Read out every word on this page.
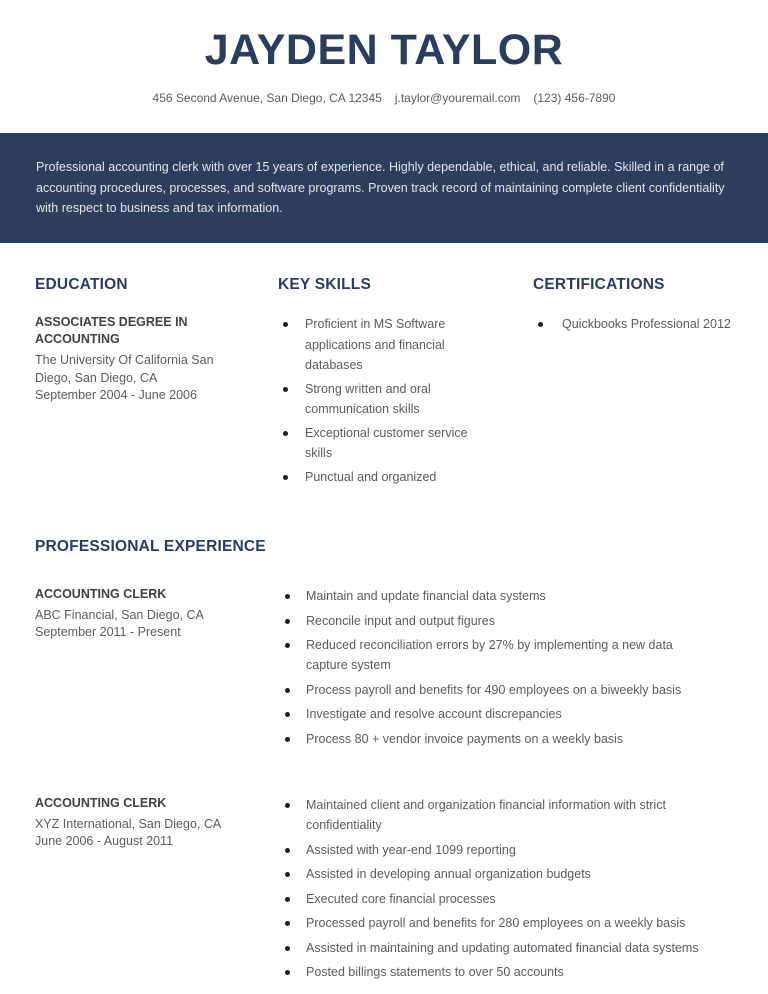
JAYDEN TAYLOR
456 Second Avenue, San Diego, CA 12345 j.taylor@youremail.com (123) 456-7890

Professional accounting clerk with over 15 years of experience. Highly dependable, ethical, and reliable. Skilled in a range of accounting procedures, processes, and software programs. Proven track record of maintaining complete client confidentiality with respect to business and tax information.

EDUCATION
ASSOCIATES DEGREE IN ACCOUNTING
The University Of California San Diego, San Diego, CA
September 2004 - June 2006
KEY SKILLS
Proficient in MS Software applications and financial databases
Strong written and oral communication skills
Exceptional customer service skills
Punctual and organized
CERTIFICATIONS
Quickbooks Professional 2012
PROFESSIONAL EXPERIENCE
ACCOUNTING CLERK
ABC Financial, San Diego, CA
September 2011 - Present
Maintain and update financial data systems
Reconcile input and output figures
Reduced reconciliation errors by 27% by implementing a new data capture system
Process payroll and benefits for 490 employees on a biweekly basis
Investigate and resolve account discrepancies
Process 80 + vendor invoice payments on a weekly basis
ACCOUNTING CLERK
XYZ International, San Diego, CA
June 2006 - August 2011
Maintained client and organization financial information with strict confidentiality
Assisted with year-end 1099 reporting
Assisted in developing annual organization budgets
Executed core financial processes
Processed payroll and benefits for 280 employees on a weekly basis
Assisted in maintaining and updating automated financial data systems
Posted billings statements to over 50 accounts
